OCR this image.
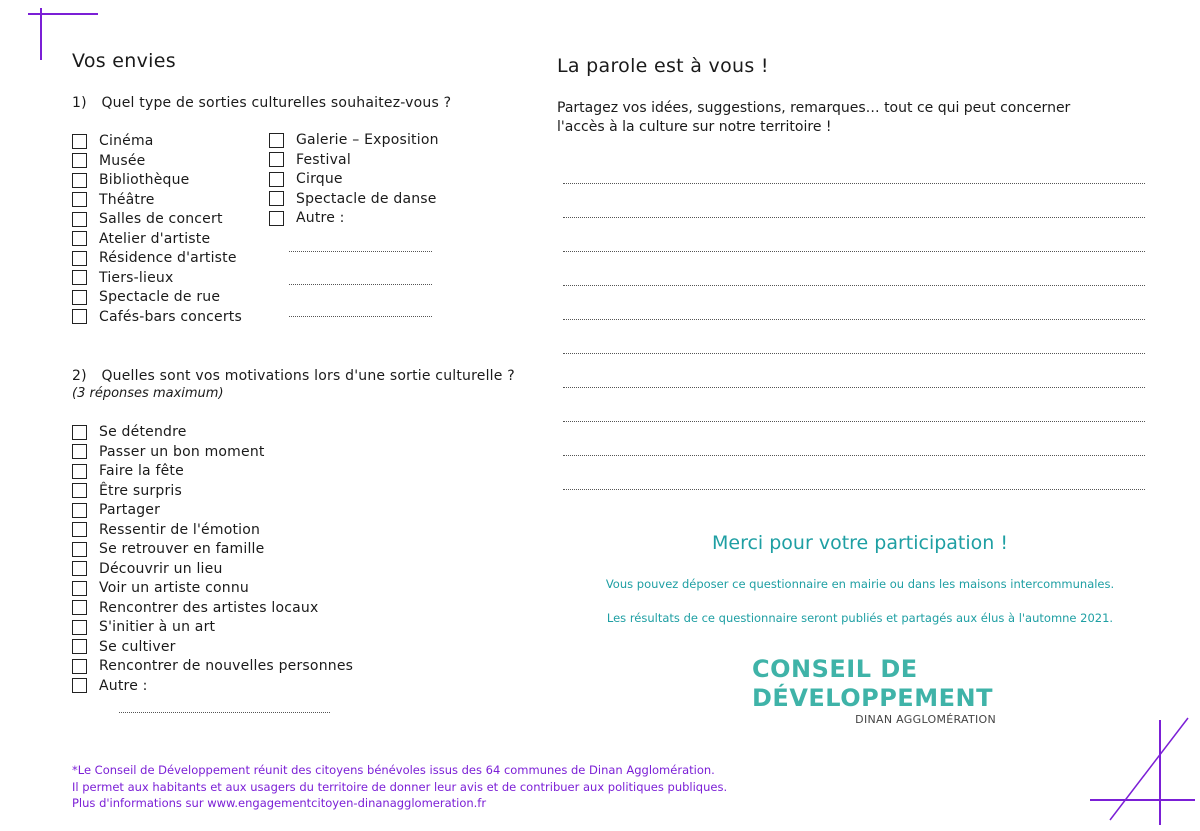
Vos envies
1) Quel type de sorties culturelles souhaitez-vous ?
Cinéma
Musée
Bibliothèque
Théâtre
Salles de concert
Atelier d'artiste
Résidence d'artiste
Tiers-lieux
Spectacle de rue
Cafés-bars concerts
Galerie – Exposition
Festival
Cirque
Spectacle de danse
Autre :
2) Quelles sont vos motivations lors d'une sortie culturelle ?
(3 réponses maximum)
Se détendre
Passer un bon moment
Faire la fête
Être surpris
Partager
Ressentir de l'émotion
Se retrouver en famille
Découvrir un lieu
Voir un artiste connu
Rencontrer des artistes locaux
S'initier à un art
Se cultiver
Rencontrer de nouvelles personnes
Autre :
La parole est à vous !
Partagez vos idées, suggestions, remarques… tout ce qui peut concerner
l'accès à la culture sur notre territoire !
Merci pour votre participation !
Vous pouvez déposer ce questionnaire en mairie ou dans les maisons intercommunales.
Les résultats de ce questionnaire seront publiés et partagés aux élus à l'automne 2021.
CONSEIL DE
DÉVELOPPEMENT
DINAN AGGLOMÉRATION
*Le Conseil de Développement réunit des citoyens bénévoles issus des 64 communes de Dinan Agglomération.
Il permet aux habitants et aux usagers du territoire de donner leur avis et de contribuer aux politiques publiques.
Plus d'informations sur www.engagementcitoyen-dinanagglomeration.fr
